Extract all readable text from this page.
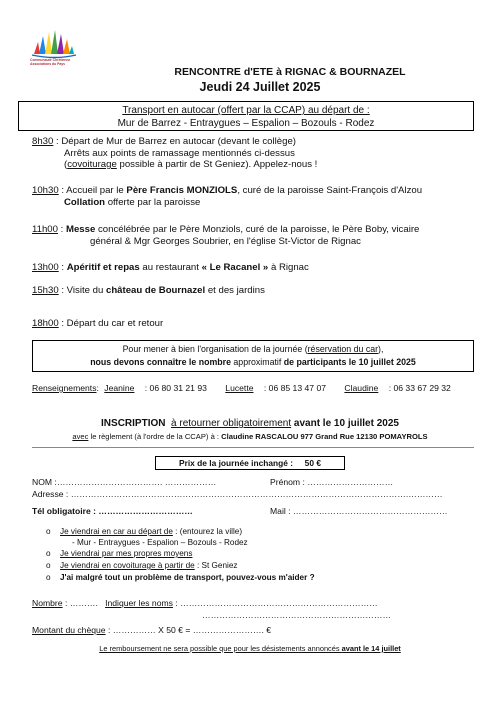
Communauté Chrétienne Associations du Pays
RENCONTRE d'ETE à RIGNAC & BOURNAZEL
Jeudi 24 Juillet 2025
Transport en autocar (offert par la CCAP) au départ de :
Mur de Barrez - Entraygues – Espalion – Bozouls - Rodez
8h30 : Départ de Mur de Barrez en autocar (devant le collège)
Arrêts aux points de ramassage mentionnés ci-dessus
(covoiturage possible à partir de St Geniez). Appelez-nous !
10h30 : Accueil par le Père Francis MONZIOLS, curé de la paroisse Saint-François d'Alzou
Collation offerte par la paroisse
11h00 : Messe concélébrée par le Père Monziols, curé de la paroisse, le Père Boby, vicaire
général & Mgr Georges Soubrier, en l'église St-Victor de Rignac
13h00 : Apéritif et repas au restaurant « Le Racanel » à Rignac
15h30 : Visite du château de Bournazel et des jardins
18h00 : Départ du car et retour
Pour mener à bien l'organisation de la journée (réservation du car),
nous devons connaître le nombre approximatif de participants le 10 juillet 2025
Renseignements: Jeanine : 06 80 31 21 93 Lucette : 06 85 13 47 07 Claudine : 06 33 67 29 32
INSCRIPTION à retourner obligatoirement avant le 10 juillet 2025
avec le règlement (à l'ordre de la CCAP) à : Claudine RASCALOU 977 Grand Rue 12130 POMAYROLS
Prix de la journée inchangé : 50 €
NOM :………………………………. ………………	Prénom : …………………………
Adresse : ……………………………………………………………………………………………………….…………
Tél obligatoire : ……………………………	Mail : ………………………………………………
o Je viendrai en car au départ de : (entourez la ville)
- Mur - Entraygues - Espalion – Bozouls - Rodez
o Je viendrai par mes propres moyens
o Je viendrai en covoiturage à partir de : St Geniez
o J'ai malgré tout un problème de transport, pouvez-vous m'aider ?
Nombre : ………. Indiquer les noms : ……………………………………………………………
…………………………………………………………
Montant du chèque : …………… X 50 € = ……………………. €
Le remboursement ne sera possible que pour les désistements annoncés avant le 14 juillet
